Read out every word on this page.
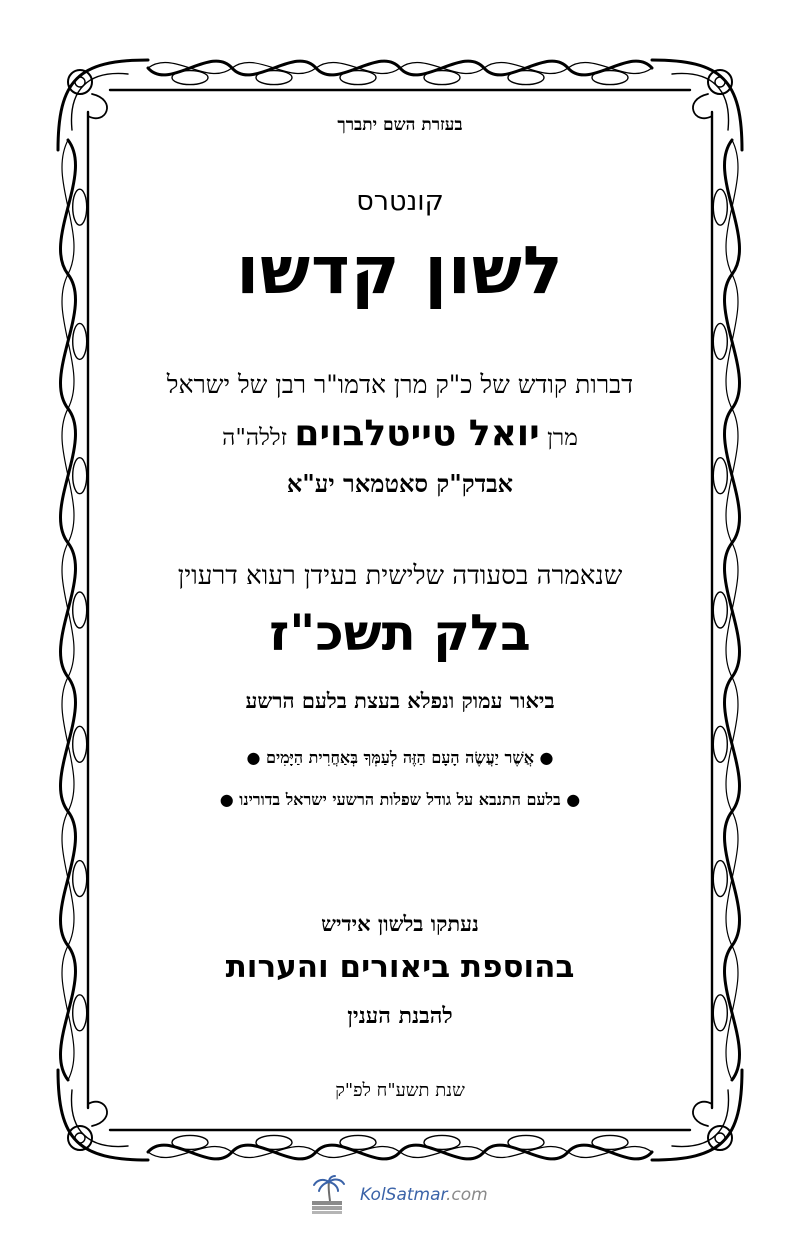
בעזרת השם יתברך
קונטרס
לשון קדשו
דברות קודש של כ"ק מרן אדמו"ר רבן של ישראל
מרן יואל טייטלבוים זללה"ה
אבדק"ק סאטמאר יע"א
שנאמרה בסעודה שלישית בעידן רעוא דרעוין
בלק תשכ"ז
ביאור עמוק ונפלא בעצת בלעם הרשע
● אֲשֶׁר יַעֲשֶׂה הָעָם הַזֶּה לְעַמְּךָ בְּאַחֲרִית הַיָּמִים ●
● בלעם התנבא על גודל שפלות הרשעי ישראל בדורינו ●
נעתקו בלשון אידיש
בהוספת ביאורים והערות
להבנת הענין
שנת תשע"ח לפ"ק
KolSatmar.com
